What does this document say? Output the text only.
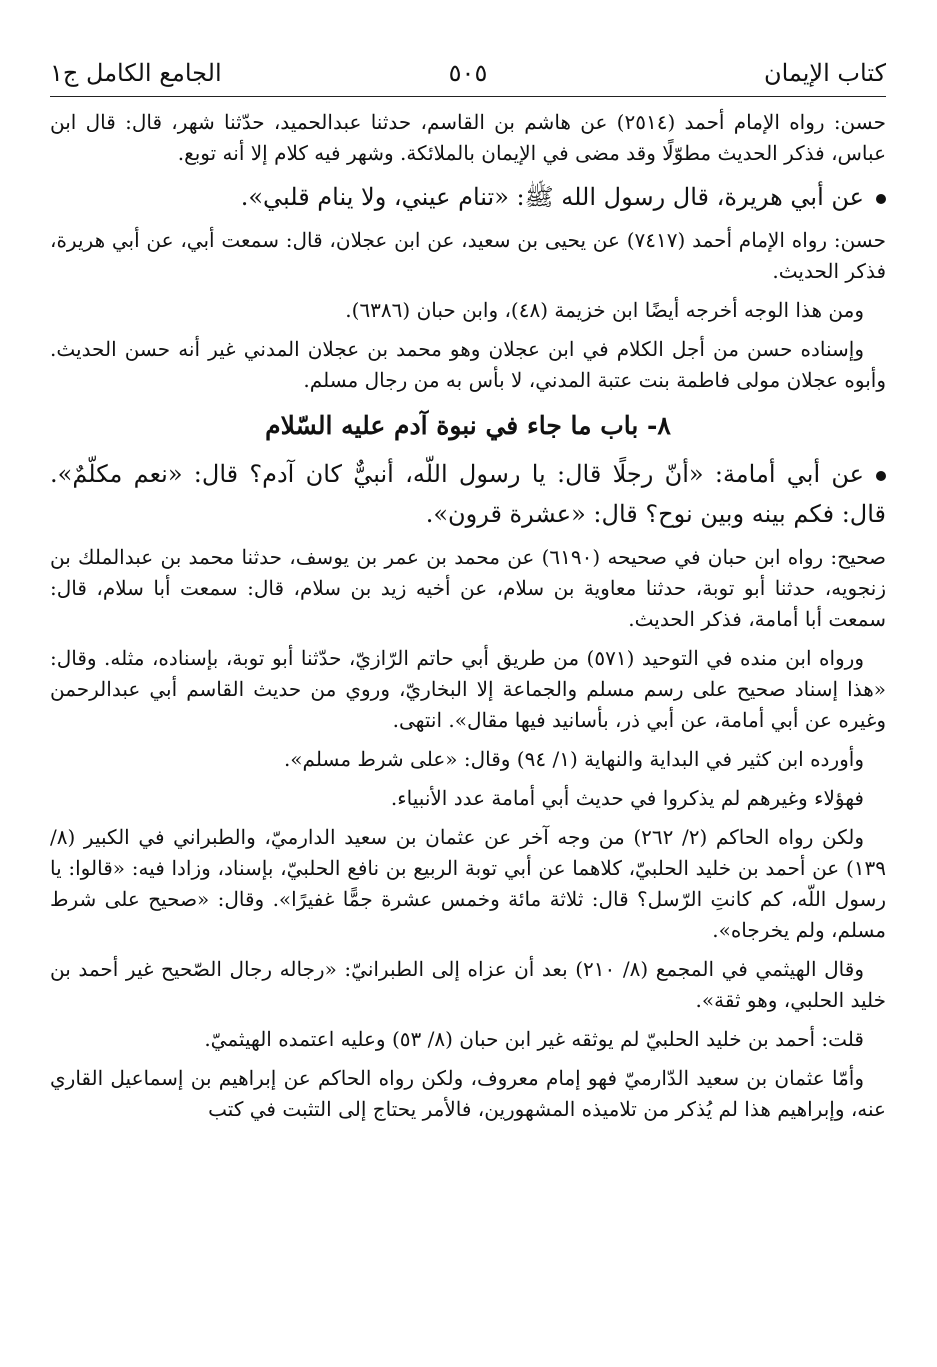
كتاب الإيمان
٥٠٥
الجامع الكامل ج١

حسن: رواه الإمام أحمد (٢٥١٤) عن هاشم بن القاسم، حدثنا عبدالحميد، حدّثنا شهر، قال: قال ابن عباس، فذكر الحديث مطوّلًا وقد مضى في الإيمان بالملائكة. وشهر فيه كلام إلا أنه توبع.

عن أبي هريرة، قال رسول الله ﷺ: «تنام عيني، ولا ينام قلبي».

حسن: رواه الإمام أحمد (٧٤١٧) عن يحيى بن سعيد، عن ابن عجلان، قال: سمعت أبي، عن أبي هريرة، فذكر الحديث.

ومن هذا الوجه أخرجه أيضًا ابن خزيمة (٤٨)، وابن حبان (٦٣٨٦).

وإسناده حسن من أجل الكلام في ابن عجلان وهو محمد بن عجلان المدني غير أنه حسن الحديث. وأبوه عجلان مولى فاطمة بنت عتبة المدني، لا بأس به من رجال مسلم.

٨- باب ما جاء في نبوة آدم عليه السّلام

عن أبي أمامة: «أنّ رجلًا قال: يا رسول اللّه، أنبيٌّ كان آدم؟ قال: «نعم مكلّمٌ». قال: فكم بينه وبين نوح؟ قال: «عشرة قرون».

صحيح: رواه ابن حبان في صحيحه (٦١٩٠) عن محمد بن عمر بن يوسف، حدثنا محمد بن عبدالملك بن زنجويه، حدثنا أبو توبة، حدثنا معاوية بن سلام، عن أخيه زيد بن سلام، قال: سمعت أبا سلام، قال: سمعت أبا أمامة، فذكر الحديث.

ورواه ابن منده في التوحيد (٥٧١) من طريق أبي حاتم الرّازيّ، حدّثنا أبو توبة، بإسناده، مثله. وقال: «هذا إسناد صحيح على رسم مسلم والجماعة إلا البخاريّ، وروي من حديث القاسم أبي عبدالرحمن وغيره عن أبي أمامة، عن أبي ذر، بأسانيد فيها مقال». انتهى.

وأورده ابن كثير في البداية والنهاية (١/ ٩٤) وقال: «على شرط مسلم».

فهؤلاء وغيرهم لم يذكروا في حديث أبي أمامة عدد الأنبياء.

ولكن رواه الحاكم (٢/ ٢٦٢) من وجه آخر عن عثمان بن سعيد الدارميّ، والطبراني في الكبير (٨/ ١٣٩) عن أحمد بن خليد الحلبيّ، كلاهما عن أبي توبة الربيع بن نافع الحلبيّ، بإسناد، وزادا فيه: «قالوا: يا رسول اللّه، كم كانتِ الرّسل؟ قال: ثلاثة مائة وخمس عشرة جمًّا غفيرًا». وقال: «صحيح على شرط مسلم، ولم يخرجاه».

وقال الهيثمي في المجمع (٨/ ٢١٠) بعد أن عزاه إلى الطبرانيّ: «رجاله رجال الصّحيح غير أحمد بن خليد الحلبي، وهو ثقة».

قلت: أحمد بن خليد الحلبيّ لم يوثقه غير ابن حبان (٨/ ٥٣) وعليه اعتمده الهيثميّ.

وأمّا عثمان بن سعيد الدّارميّ فهو إمام معروف، ولكن رواه الحاكم عن إبراهيم بن إسماعيل القاري عنه، وإبراهيم هذا لم يُذكر من تلاميذه المشهورين، فالأمر يحتاج إلى التثبت في كتب
